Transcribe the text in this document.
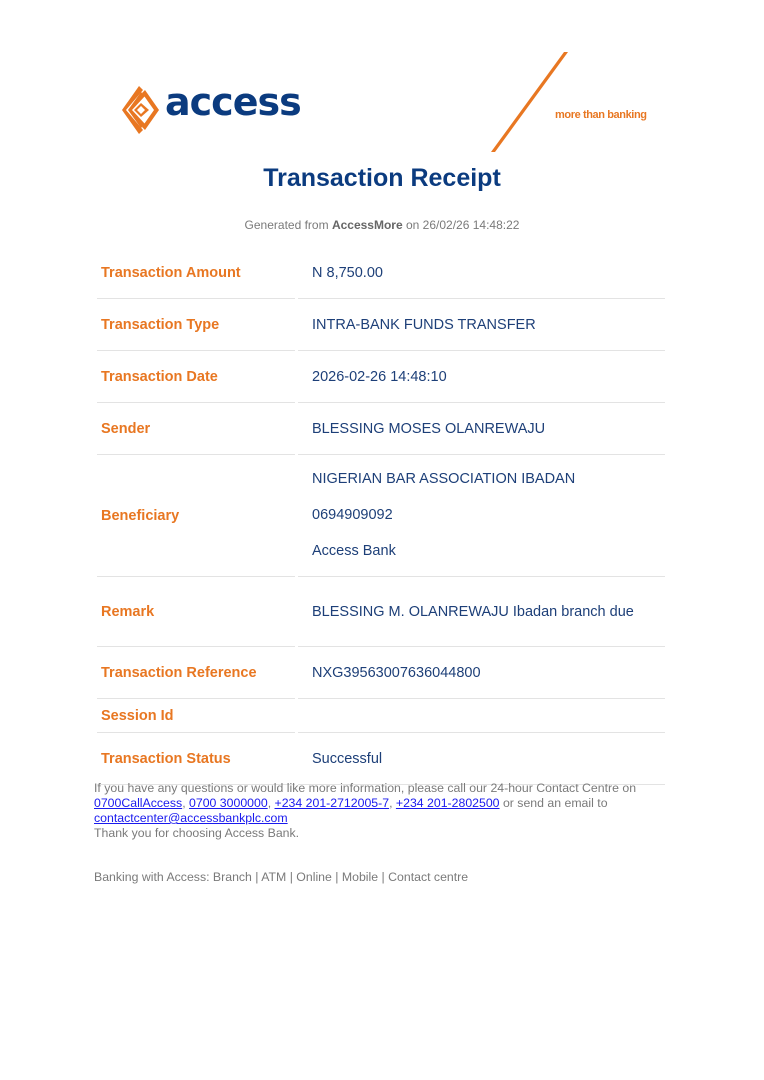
access	more than banking
Transaction Receipt
Generated from AccessMore on 26/02/26 14:48:22
Transaction Amount	N 8,750.00
Transaction Type	INTRA-BANK FUNDS TRANSFER
Transaction Date	2026-02-26 14:48:10
Sender	BLESSING MOSES OLANREWAJU
Beneficiary	NIGERIAN BAR ASSOCIATION IBADAN

0694909092

Access Bank

Remark	BLESSING M. OLANREWAJU Ibadan branch due

Transaction Reference	NXG39563007636044800
Session Id	
Transaction Status	Successful
If you have any questions or would like more information, please call our 24-hour Contact Centre on
0700CallAccess, 0700 3000000, +234 201-2712005-7, +234 201-2802500 or send an email to
contactcenter@accessbankplc.com
Thank you for choosing Access Bank.
Banking with Access: Branch | ATM | Online | Mobile | Contact centre
